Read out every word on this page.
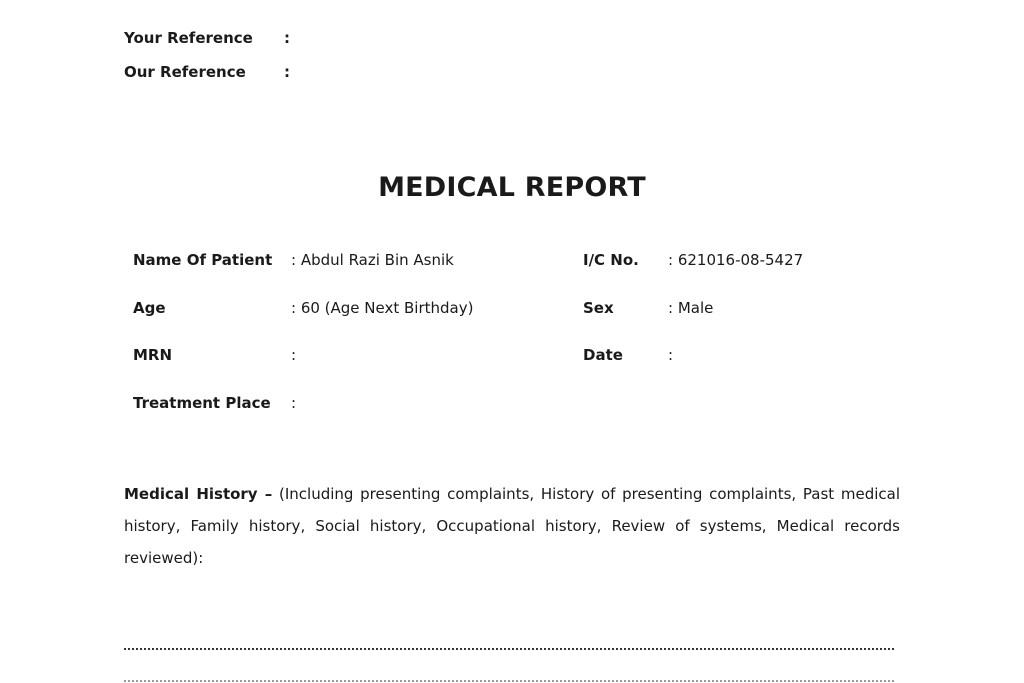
Your Reference	:
Our Reference	:
MEDICAL REPORT
Name Of Patient	: Abdul Razi Bin Asnik	I/C No.	: 621016-08-5427
Age	: 60 (Age Next Birthday)	Sex	: Male
MRN	:	Date	:
Treatment Place	:
Medical History – (Including presenting complaints, History of presenting complaints, Past medical history, Family history, Social history, Occupational history, Review of systems, Medical records reviewed):
